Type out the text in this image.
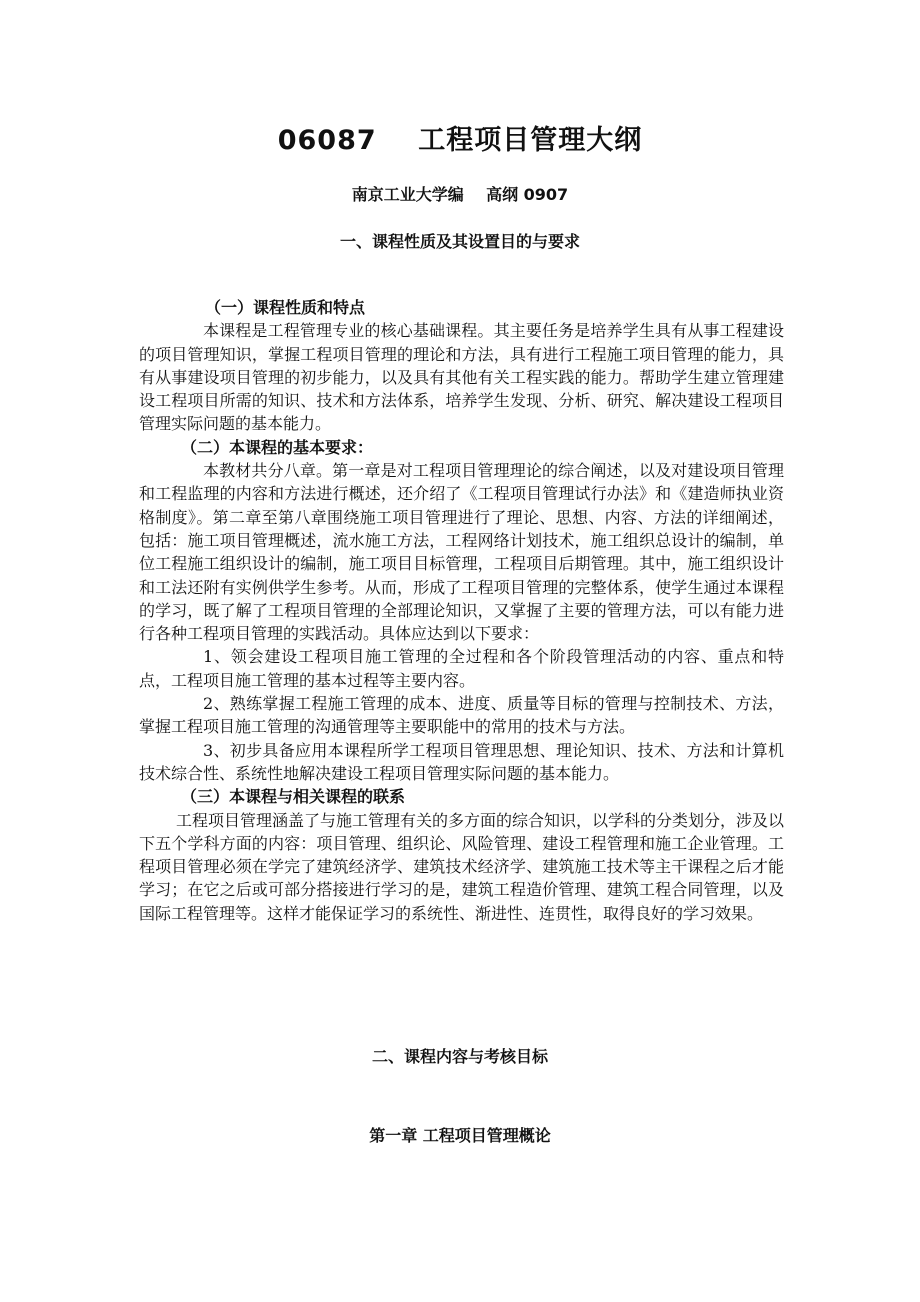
06087    工程项目管理大纲
南京工业大学编    高纲 0907
一、课程性质及其设置目的与要求

（一）课程性质和特点

本课程是工程管理专业的核心基础课程。其主要任务是培养学生具有从事工程建设的项目管理知识，掌握工程项目管理的理论和方法，具有进行工程施工项目管理的能力，具有从事建设项目管理的初步能力，以及具有其他有关工程实践的能力。帮助学生建立管理建设工程项目所需的知识、技术和方法体系，培养学生发现、分析、研究、解决建设工程项目管理实际问题的基本能力。

（二）本课程的基本要求：

本教材共分八章。第一章是对工程项目管理理论的综合阐述，以及对建设项目管理和工程监理的内容和方法进行概述，还介绍了《工程项目管理试行办法》和《建造师执业资格制度》。第二章至第八章围绕施工项目管理进行了理论、思想、内容、方法的详细阐述，包括：施工项目管理概述，流水施工方法，工程网络计划技术，施工组织总设计的编制，单位工程施工组织设计的编制，施工项目目标管理，工程项目后期管理。其中，施工组织设计和工法还附有实例供学生参考。从而，形成了工程项目管理的完整体系，使学生通过本课程的学习，既了解了工程项目管理的全部理论知识，又掌握了主要的管理方法，可以有能力进行各种工程项目管理的实践活动。具体应达到以下要求：

1、领会建设工程项目施工管理的全过程和各个阶段管理活动的内容、重点和特点，工程项目施工管理的基本过程等主要内容。

2、熟练掌握工程施工管理的成本、进度、质量等目标的管理与控制技术、方法，掌握工程项目施工管理的沟通管理等主要职能中的常用的技术与方法。

3、初步具备应用本课程所学工程项目管理思想、理论知识、技术、方法和计算机技术综合性、系统性地解决建设工程项目管理实际问题的基本能力。

（三）本课程与相关课程的联系

工程项目管理涵盖了与施工管理有关的多方面的综合知识，以学科的分类划分，涉及以下五个学科方面的内容：项目管理、组织论、风险管理、建设工程管理和施工企业管理。工程项目管理必须在学完了建筑经济学、建筑技术经济学、建筑施工技术等主干课程之后才能学习；在它之后或可部分搭接进行学习的是，建筑工程造价管理、建筑工程合同管理，以及国际工程管理等。这样才能保证学习的系统性、渐进性、连贯性，取得良好的学习效果。

二、课程内容与考核目标
第一章 工程项目管理概论
